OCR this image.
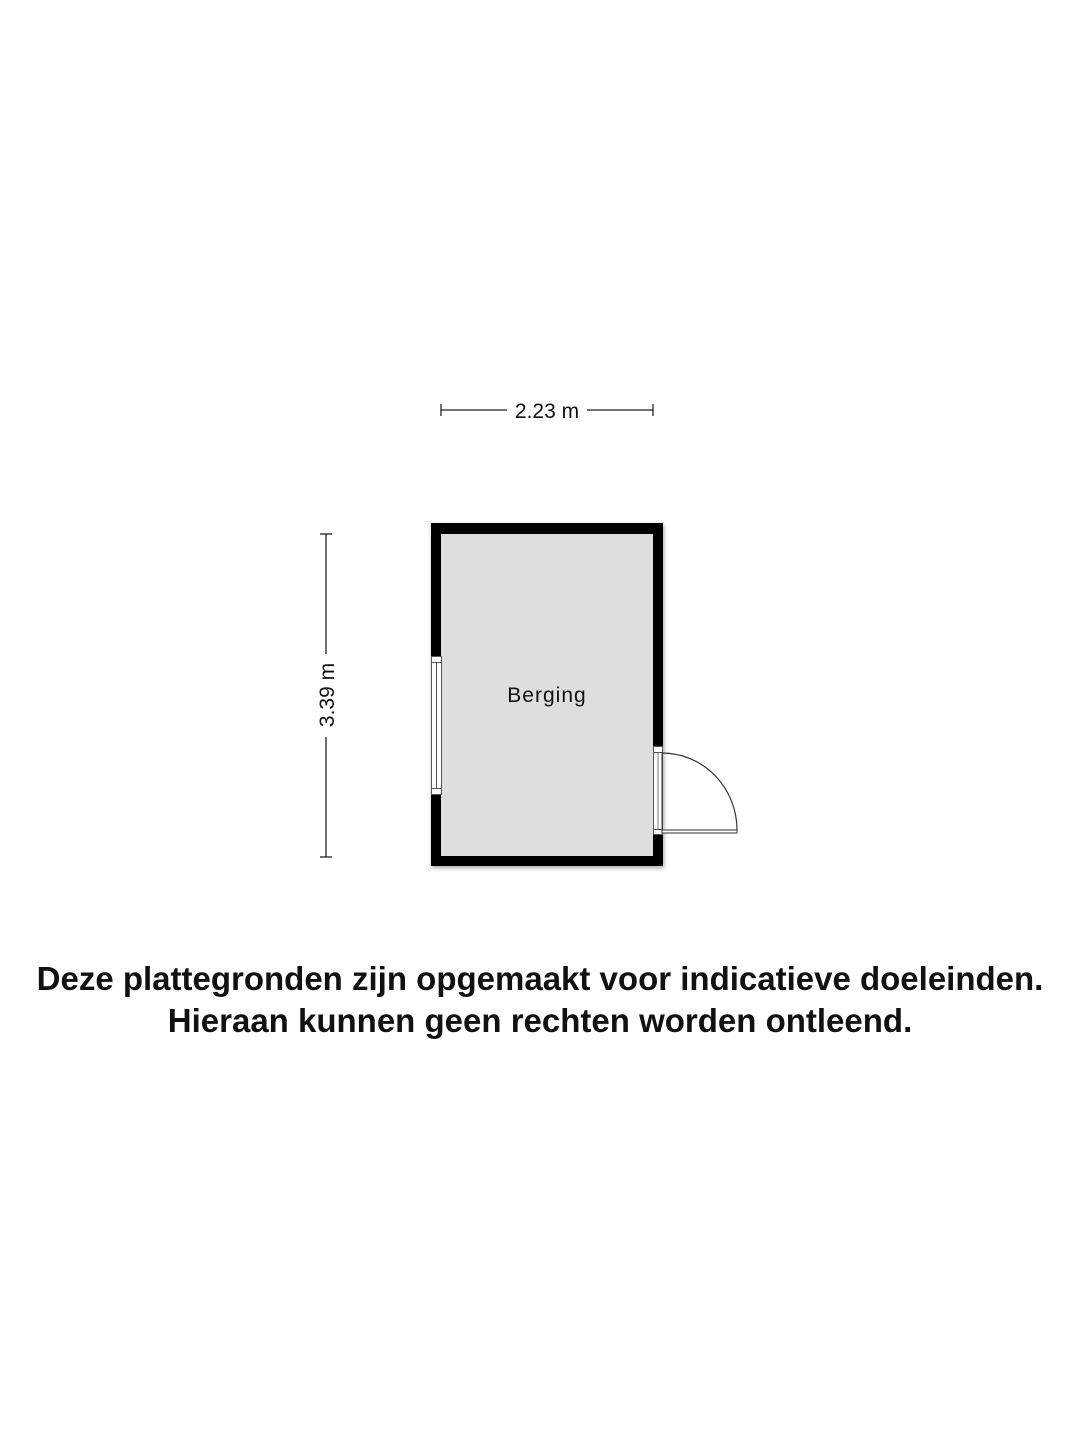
2.23 m
3.39 m	Berging
Deze plattegronden zijn opgemaakt voor indicatieve doeleinden.
Hieraan kunnen geen rechten worden ontleend.
